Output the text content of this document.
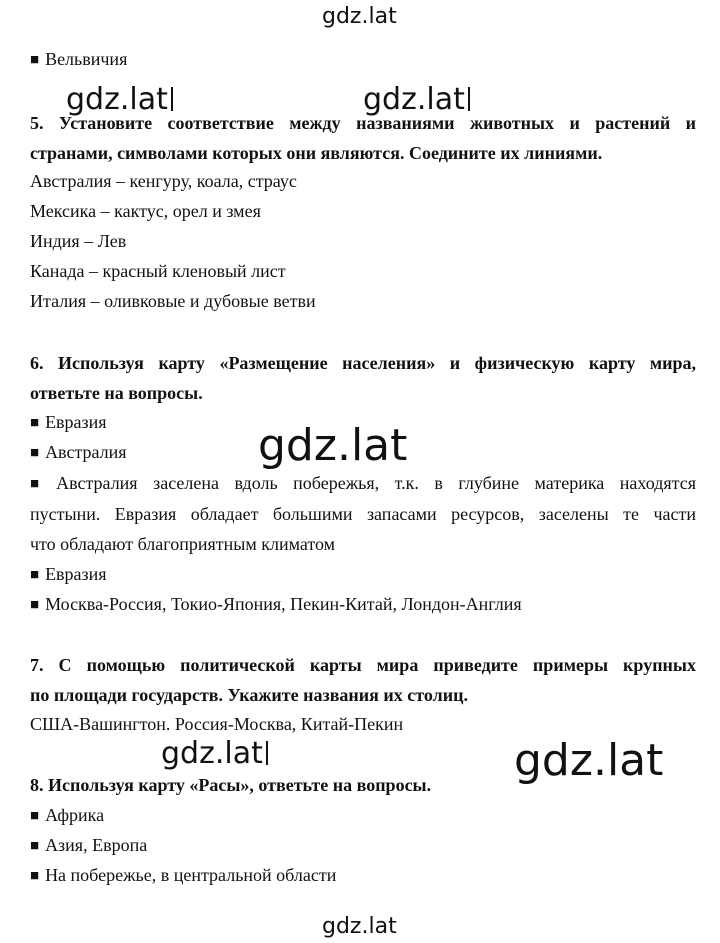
gdz.lat
gdz.lat	gdz.lat
gdz.lat
gdz.lat	gdz.lat
gdz.lat
■ Вельвичия
5. Установите соответствие между названиями животных и растений и
странами, символами которых они являются. Соедините их линиями.
Австралия – кенгуру, коала, страус
Мексика – кактус, орел и змея
Индия – Лев
Канада – красный кленовый лист
Италия – оливковые и дубовые ветви
6. Используя карту «Размещение населения» и физическую карту мира,
ответьте на вопросы.
■ Евразия
■ Австралия
■ Австралия заселена вдоль побережья, т.к. в глубине материка находятся
пустыни. Евразия обладает большими запасами ресурсов, заселены те части
что обладают благоприятным климатом
■ Евразия
■ Москва-Россия, Токио-Япония, Пекин-Китай, Лондон-Англия
7. С помощью политической карты мира приведите примеры крупных
по площади государств. Укажите названия их столиц.
США-Вашингтон. Россия-Москва, Китай-Пекин
8. Используя карту «Расы», ответьте на вопросы.
■ Африка
■ Азия, Европа
■ На побережье, в центральной области
